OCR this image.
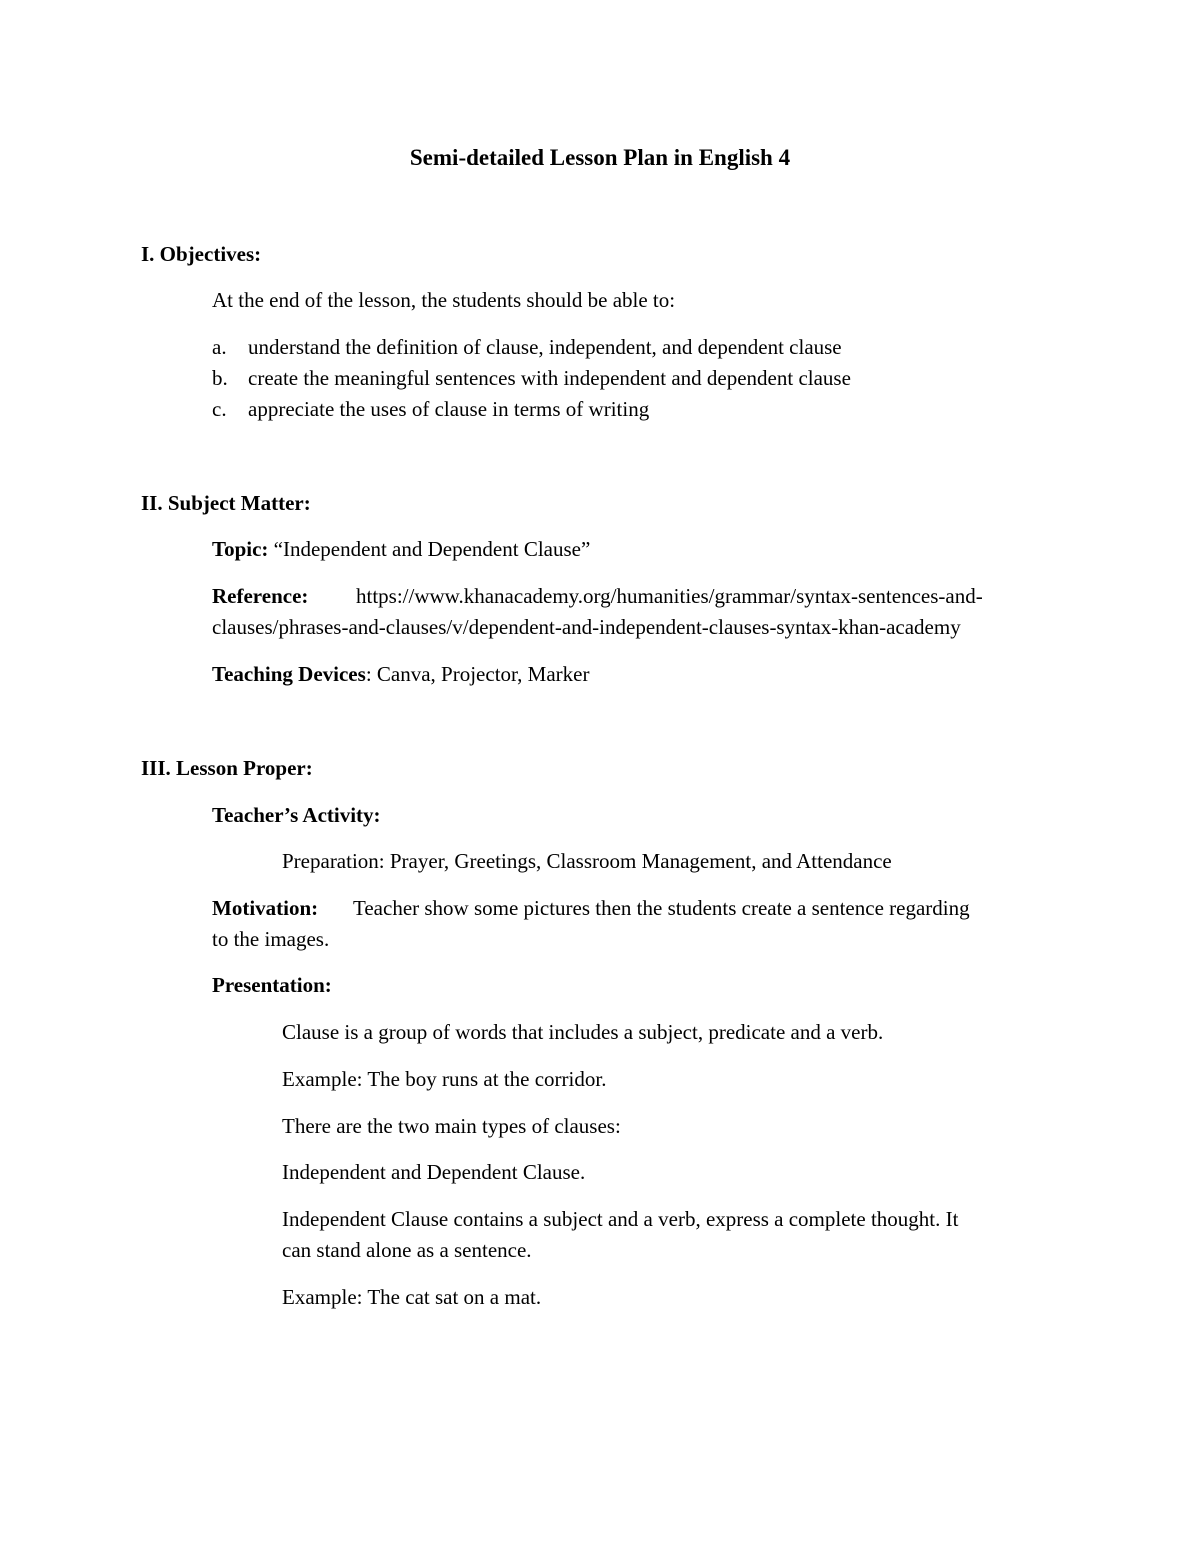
Semi-detailed Lesson Plan in English 4
I. Objectives:
At the end of the lesson, the students should be able to:
a. understand the definition of clause, independent, and dependent clause
b. create the meaningful sentences with independent and dependent clause
c. appreciate the uses of clause in terms of writing
II. Subject Matter:
Topic: “Independent and Dependent Clause”
Reference: https://www.khanacademy.org/humanities/grammar/syntax-sentences-and-
clauses/phrases-and-clauses/v/dependent-and-independent-clauses-syntax-khan-academy
Teaching Devices: Canva, Projector, Marker
III. Lesson Proper:
Teacher’s Activity:
Preparation: Prayer, Greetings, Classroom Management, and Attendance
Motivation: Teacher show some pictures then the students create a sentence regarding
to the images.
Presentation:
Clause is a group of words that includes a subject, predicate and a verb.
Example: The boy runs at the corridor.
There are the two main types of clauses:
Independent and Dependent Clause.
Independent Clause contains a subject and a verb, express a complete thought. It
can stand alone as a sentence.
Example: The cat sat on a mat.
